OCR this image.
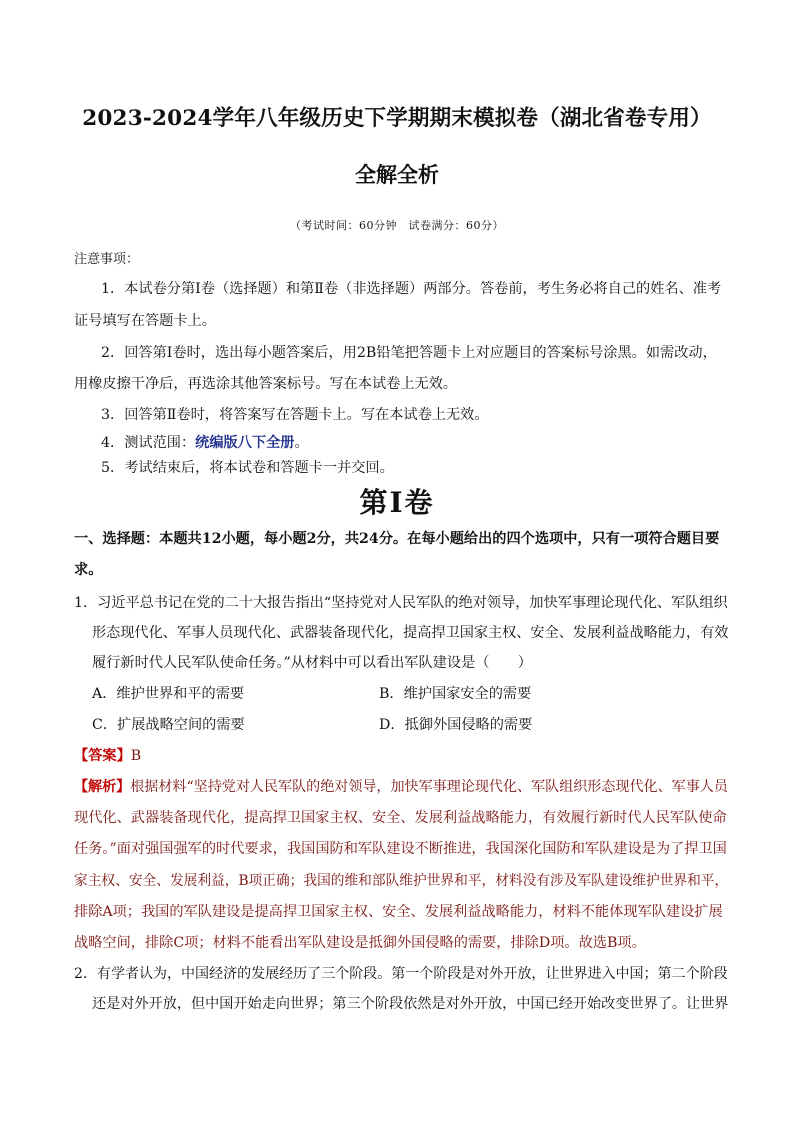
2023-2024学年八年级历史下学期期末模拟卷（湖北省卷专用）
全解全析
（考试时间：60分钟　试卷满分：60分）
注意事项：
1．本试卷分第Ⅰ卷（选择题）和第Ⅱ卷（非选择题）两部分。答卷前，考生务必将自己的姓名、准考
证号填写在答题卡上。
2．回答第Ⅰ卷时，选出每小题答案后，用2B铅笔把答题卡上对应题目的答案标号涂黑。如需改动，
用橡皮擦干净后，再选涂其他答案标号。写在本试卷上无效。
3．回答第Ⅱ卷时，将答案写在答题卡上。写在本试卷上无效。
4．测试范围：统编版八下全册。
5．考试结束后，将本试卷和答题卡一并交回。
第Ⅰ卷
一、选择题：本题共12小题，每小题2分，共24分。在每小题给出的四个选项中，只有一项符合题目要
求。
1．习近平总书记在党的二十大报告指出“坚持党对人民军队的绝对领导，加快军事理论现代化、军队组织
形态现代化、军事人员现代化、武器装备现代化，提高捍卫国家主权、安全、发展利益战略能力，有效
履行新时代人民军队使命任务。”从材料中可以看出军队建设是（　　）
A．维护世界和平的需要	B．维护国家安全的需要
C．扩展战略空间的需要	D．抵御外国侵略的需要
【答案】B
【解析】根据材料“坚持党对人民军队的绝对领导，加快军事理论现代化、军队组织形态现代化、军事人员
现代化、武器装备现代化，提高捍卫国家主权、安全、发展利益战略能力，有效履行新时代人民军队使命
任务。”面对强国强军的时代要求，我国国防和军队建设不断推进，我国深化国防和军队建设是为了捍卫国
家主权、安全、发展利益，B项正确；我国的维和部队维护世界和平，材料没有涉及军队建设维护世界和平，
排除A项；我国的军队建设是提高捍卫国家主权、安全、发展利益战略能力，材料不能体现军队建设扩展
战略空间，排除C项；材料不能看出军队建设是抵御外国侵略的需要，排除D项。故选B项。
2．有学者认为，中国经济的发展经历了三个阶段。第一个阶段是对外开放，让世界进入中国；第二个阶段
还是对外开放，但中国开始走向世界；第三个阶段依然是对外开放，中国已经开始改变世界了。让世界
